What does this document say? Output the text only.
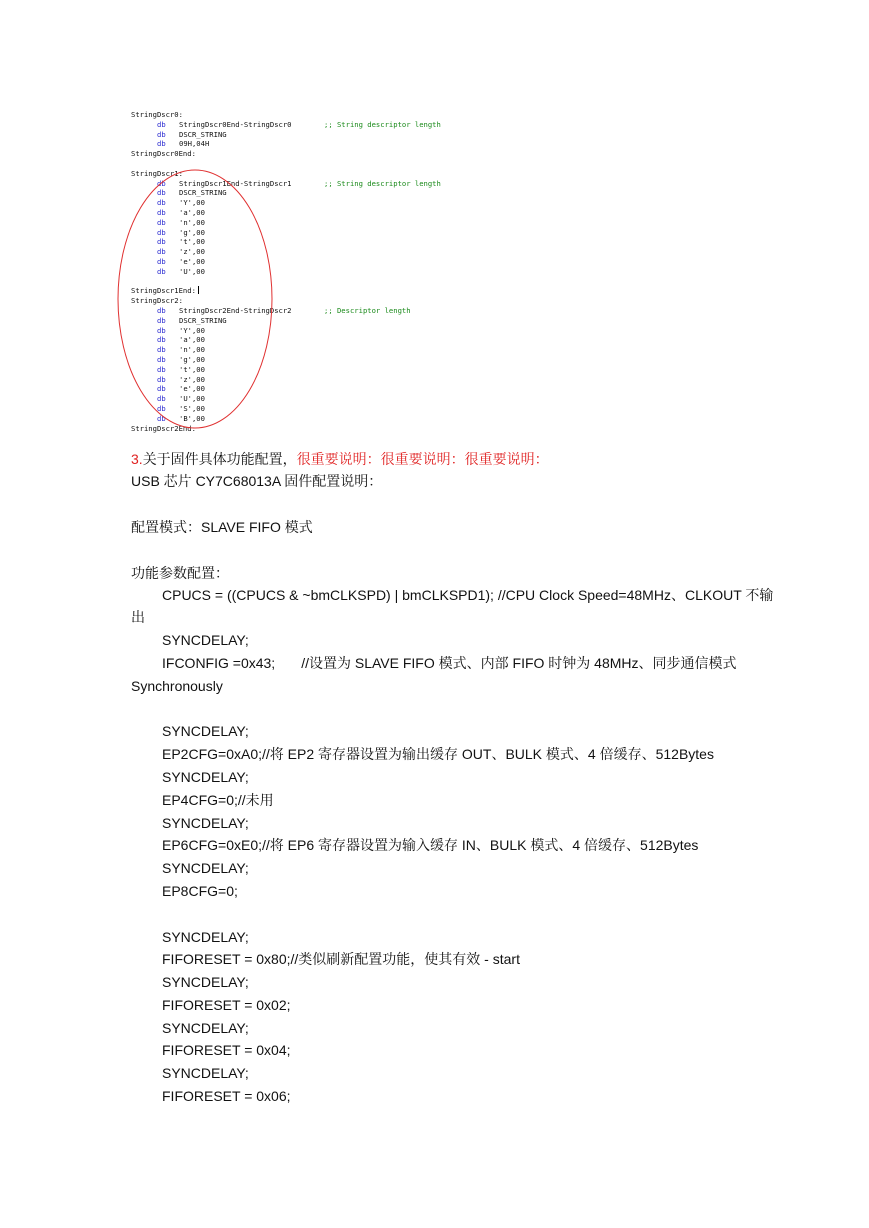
StringDscr0:
db StringDscr0End-StringDscr0	;; String descriptor length
db DSCR_STRING
db 09H,04H
StringDscr0End:
StringDscr1:
db StringDscr1End-StringDscr1	;; String descriptor length
db DSCR_STRING
db 'Y',00
db 'a',00
db 'n',00
db 'g',00
db 't',00
db 'z',00
db 'e',00
db 'U',00
StringDscr1End:
StringDscr2:
db StringDscr2End-StringDscr2	;; Descriptor length
db DSCR_STRING
db 'Y',00
db 'a',00
db 'n',00
db 'g',00
db 't',00
db 'z',00
db 'e',00
db 'U',00
db 'S',00
db 'B',00
StringDscr2End:
3.关于固件具体功能配置，很重要说明：很重要说明：很重要说明：
USB 芯片 CY7C68013A 固件配置说明：
配置模式：SLAVE FIFO 模式
功能参数配置：
CPUCS = ((CPUCS & ~bmCLKSPD) | bmCLKSPD1); //CPU Clock Speed=48MHz、CLKOUT 不输
出
SYNCDELAY;
IFCONFIG =0x43; //设置为 SLAVE FIFO 模式、内部 FIFO 时钟为 48MHz、同步通信模式
Synchronously
SYNCDELAY;
EP2CFG=0xA0;//将 EP2 寄存器设置为输出缓存 OUT、BULK 模式、4 倍缓存、512Bytes
SYNCDELAY;
EP4CFG=0;//未用
SYNCDELAY;
EP6CFG=0xE0;//将 EP6 寄存器设置为输入缓存 IN、BULK 模式、4 倍缓存、512Bytes
SYNCDELAY;
EP8CFG=0;
SYNCDELAY;
FIFORESET = 0x80;//类似刷新配置功能，使其有效 - start
SYNCDELAY;
FIFORESET = 0x02;
SYNCDELAY;
FIFORESET = 0x04;
SYNCDELAY;
FIFORESET = 0x06;
